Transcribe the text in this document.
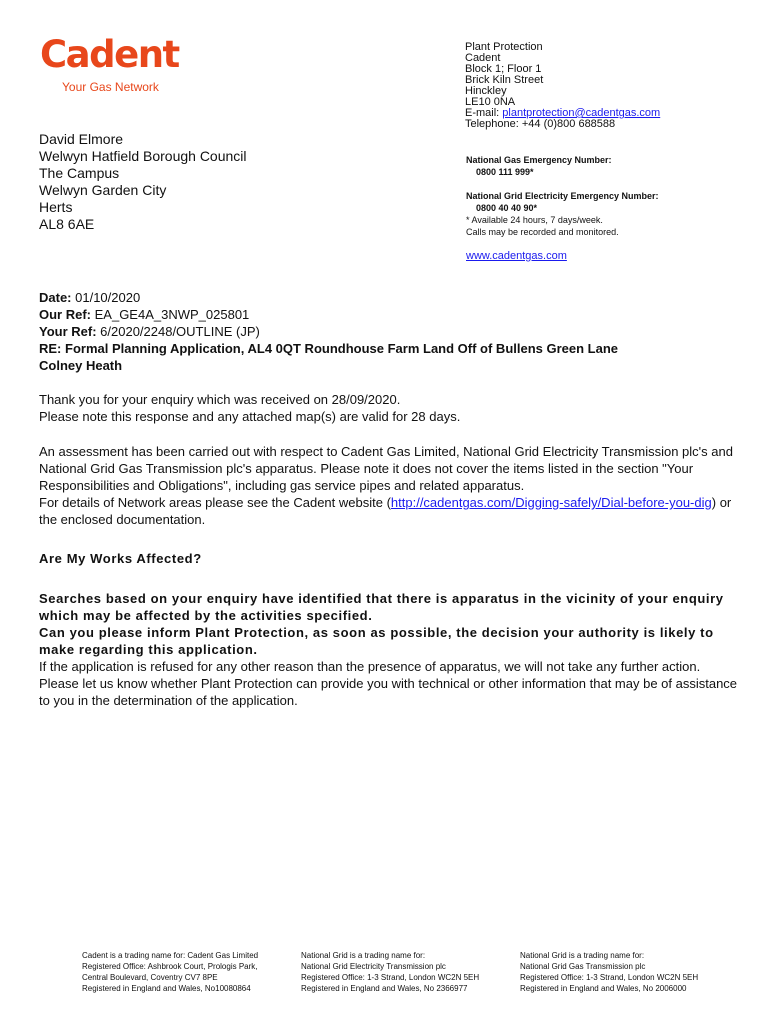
Cadent
Your Gas Network
Plant Protection
Cadent
Block 1; Floor 1
Brick Kiln Street
Hinckley
LE10 0NA
E-mail: plantprotection@cadentgas.com
Telephone: +44 (0)800 688588
National Gas Emergency Number:
0800 111 999*
National Grid Electricity Emergency Number:
0800 40 40 90*
* Available 24 hours, 7 days/week.
Calls may be recorded and monitored.
www.cadentgas.com
David Elmore
Welwyn Hatfield Borough Council
The Campus
Welwyn Garden City
Herts
AL8 6AE
Date: 01/10/2020
Our Ref: EA_GE4A_3NWP_025801
Your Ref: 6/2020/2248/OUTLINE (JP)
RE: Formal Planning Application, AL4 0QT Roundhouse Farm Land Off of Bullens Green Lane
Colney Heath
Thank you for your enquiry which was received on 28/09/2020.
Please note this response and any attached map(s) are valid for 28 days.
An assessment has been carried out with respect to Cadent Gas Limited, National Grid Electricity Transmission plc's and National Grid Gas Transmission plc's apparatus. Please note it does not cover the items listed in the section "Your Responsibilities and Obligations", including gas service pipes and related apparatus.
For details of Network areas please see the Cadent website (http://cadentgas.com/Digging-safely/Dial-before-you-dig) or the enclosed documentation.
Are My Works Affected?
Searches based on your enquiry have identified that there is apparatus in the vicinity of your enquiry which may be affected by the activities specified.
Can you please inform Plant Protection, as soon as possible, the decision your authority is likely to make regarding this application.
If the application is refused for any other reason than the presence of apparatus, we will not take any further action.
Please let us know whether Plant Protection can provide you with technical or other information that may be of assistance to you in the determination of the application.
Cadent is a trading name for: Cadent Gas Limited
Registered Office: Ashbrook Court, Prologis Park,
Central Boulevard, Coventry CV7 8PE
Registered in England and Wales, No10080864
National Grid is a trading name for:
National Grid Electricity Transmission plc
Registered Office: 1-3 Strand, London WC2N 5EH
Registered in England and Wales, No 2366977
National Grid is a trading name for:
National Grid Gas Transmission plc
Registered Office: 1-3 Strand, London WC2N 5EH
Registered in England and Wales, No 2006000
